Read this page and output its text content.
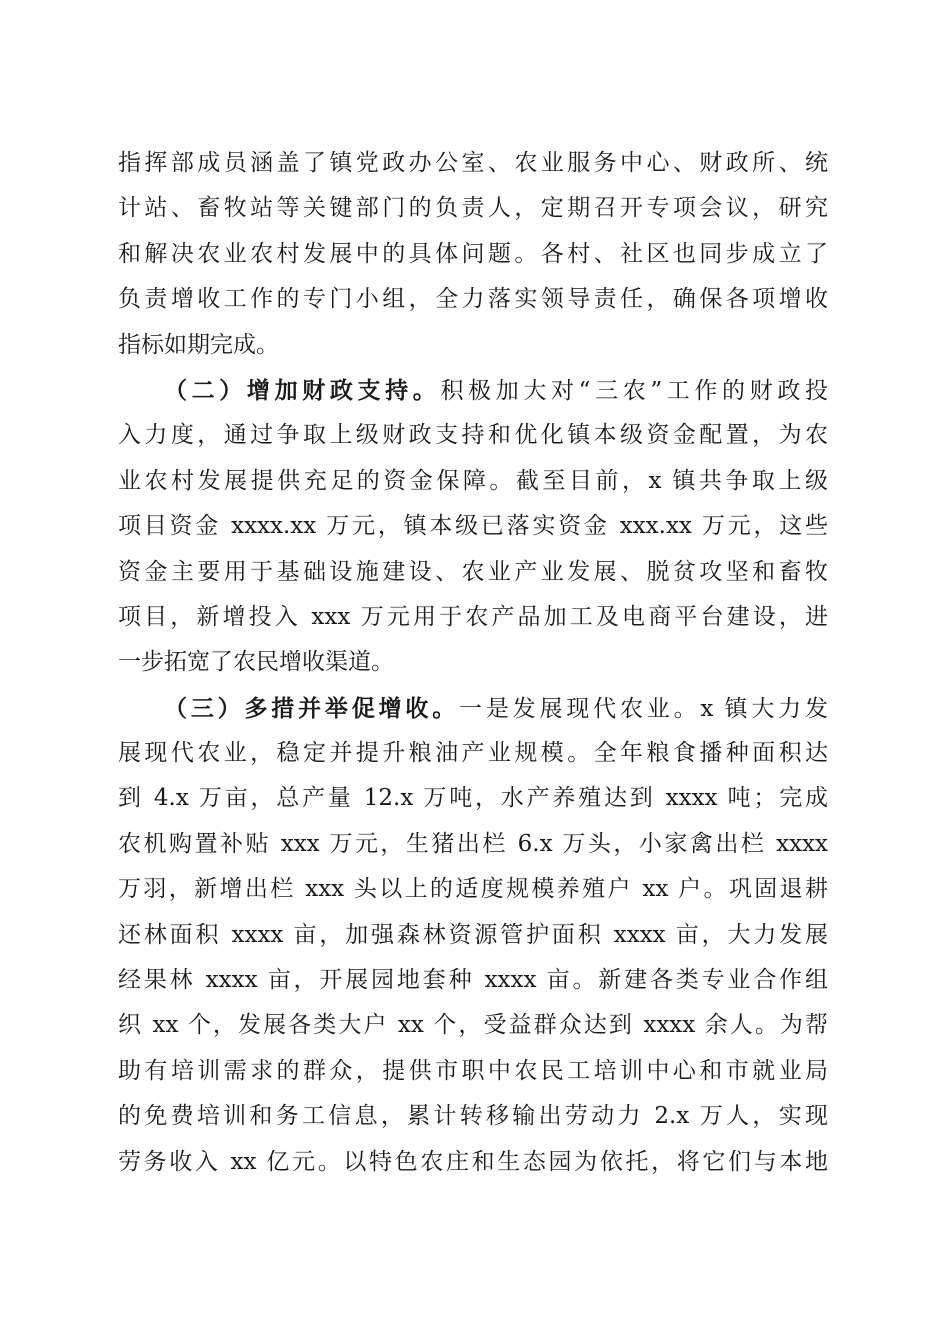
指挥部成员涵盖了镇党政办公室、农业服务中心、财政所、统
计站、畜牧站等关键部门的负责人，定期召开专项会议，研究
和解决农业农村发展中的具体问题。各村、社区也同步成立了
负责增收工作的专门小组，全力落实领导责任，确保各项增收
指标如期完成。
（二）增加财政支持。积极加大对“三农”工作的财政投
入力度，通过争取上级财政支持和优化镇本级资金配置，为农
业农村发展提供充足的资金保障。截至目前，x 镇共争取上级
项目资金 xxxx.xx 万元，镇本级已落实资金 xxx.xx 万元，这些
资金主要用于基础设施建设、农业产业发展、脱贫攻坚和畜牧
项目，新增投入 xxx 万元用于农产品加工及电商平台建设，进
一步拓宽了农民增收渠道。
（三）多措并举促增收。一是发展现代农业。x 镇大力发
展现代农业，稳定并提升粮油产业规模。全年粮食播种面积达
到 4.x 万亩，总产量 12.x 万吨，水产养殖达到 xxxx 吨；完成
农机购置补贴 xxx 万元，生猪出栏 6.x 万头，小家禽出栏 xxxx
万羽，新增出栏 xxx 头以上的适度规模养殖户 xx 户。巩固退耕
还林面积 xxxx 亩，加强森林资源管护面积 xxxx 亩，大力发展
经果林 xxxx 亩，开展园地套种 xxxx 亩。新建各类专业合作组
织 xx 个，发展各类大户 xx 个，受益群众达到 xxxx 余人。为帮
助有培训需求的群众，提供市职中农民工培训中心和市就业局
的免费培训和务工信息，累计转移输出劳动力 2.x 万人，实现
劳务收入 xx 亿元。以特色农庄和生态园为依托，将它们与本地
